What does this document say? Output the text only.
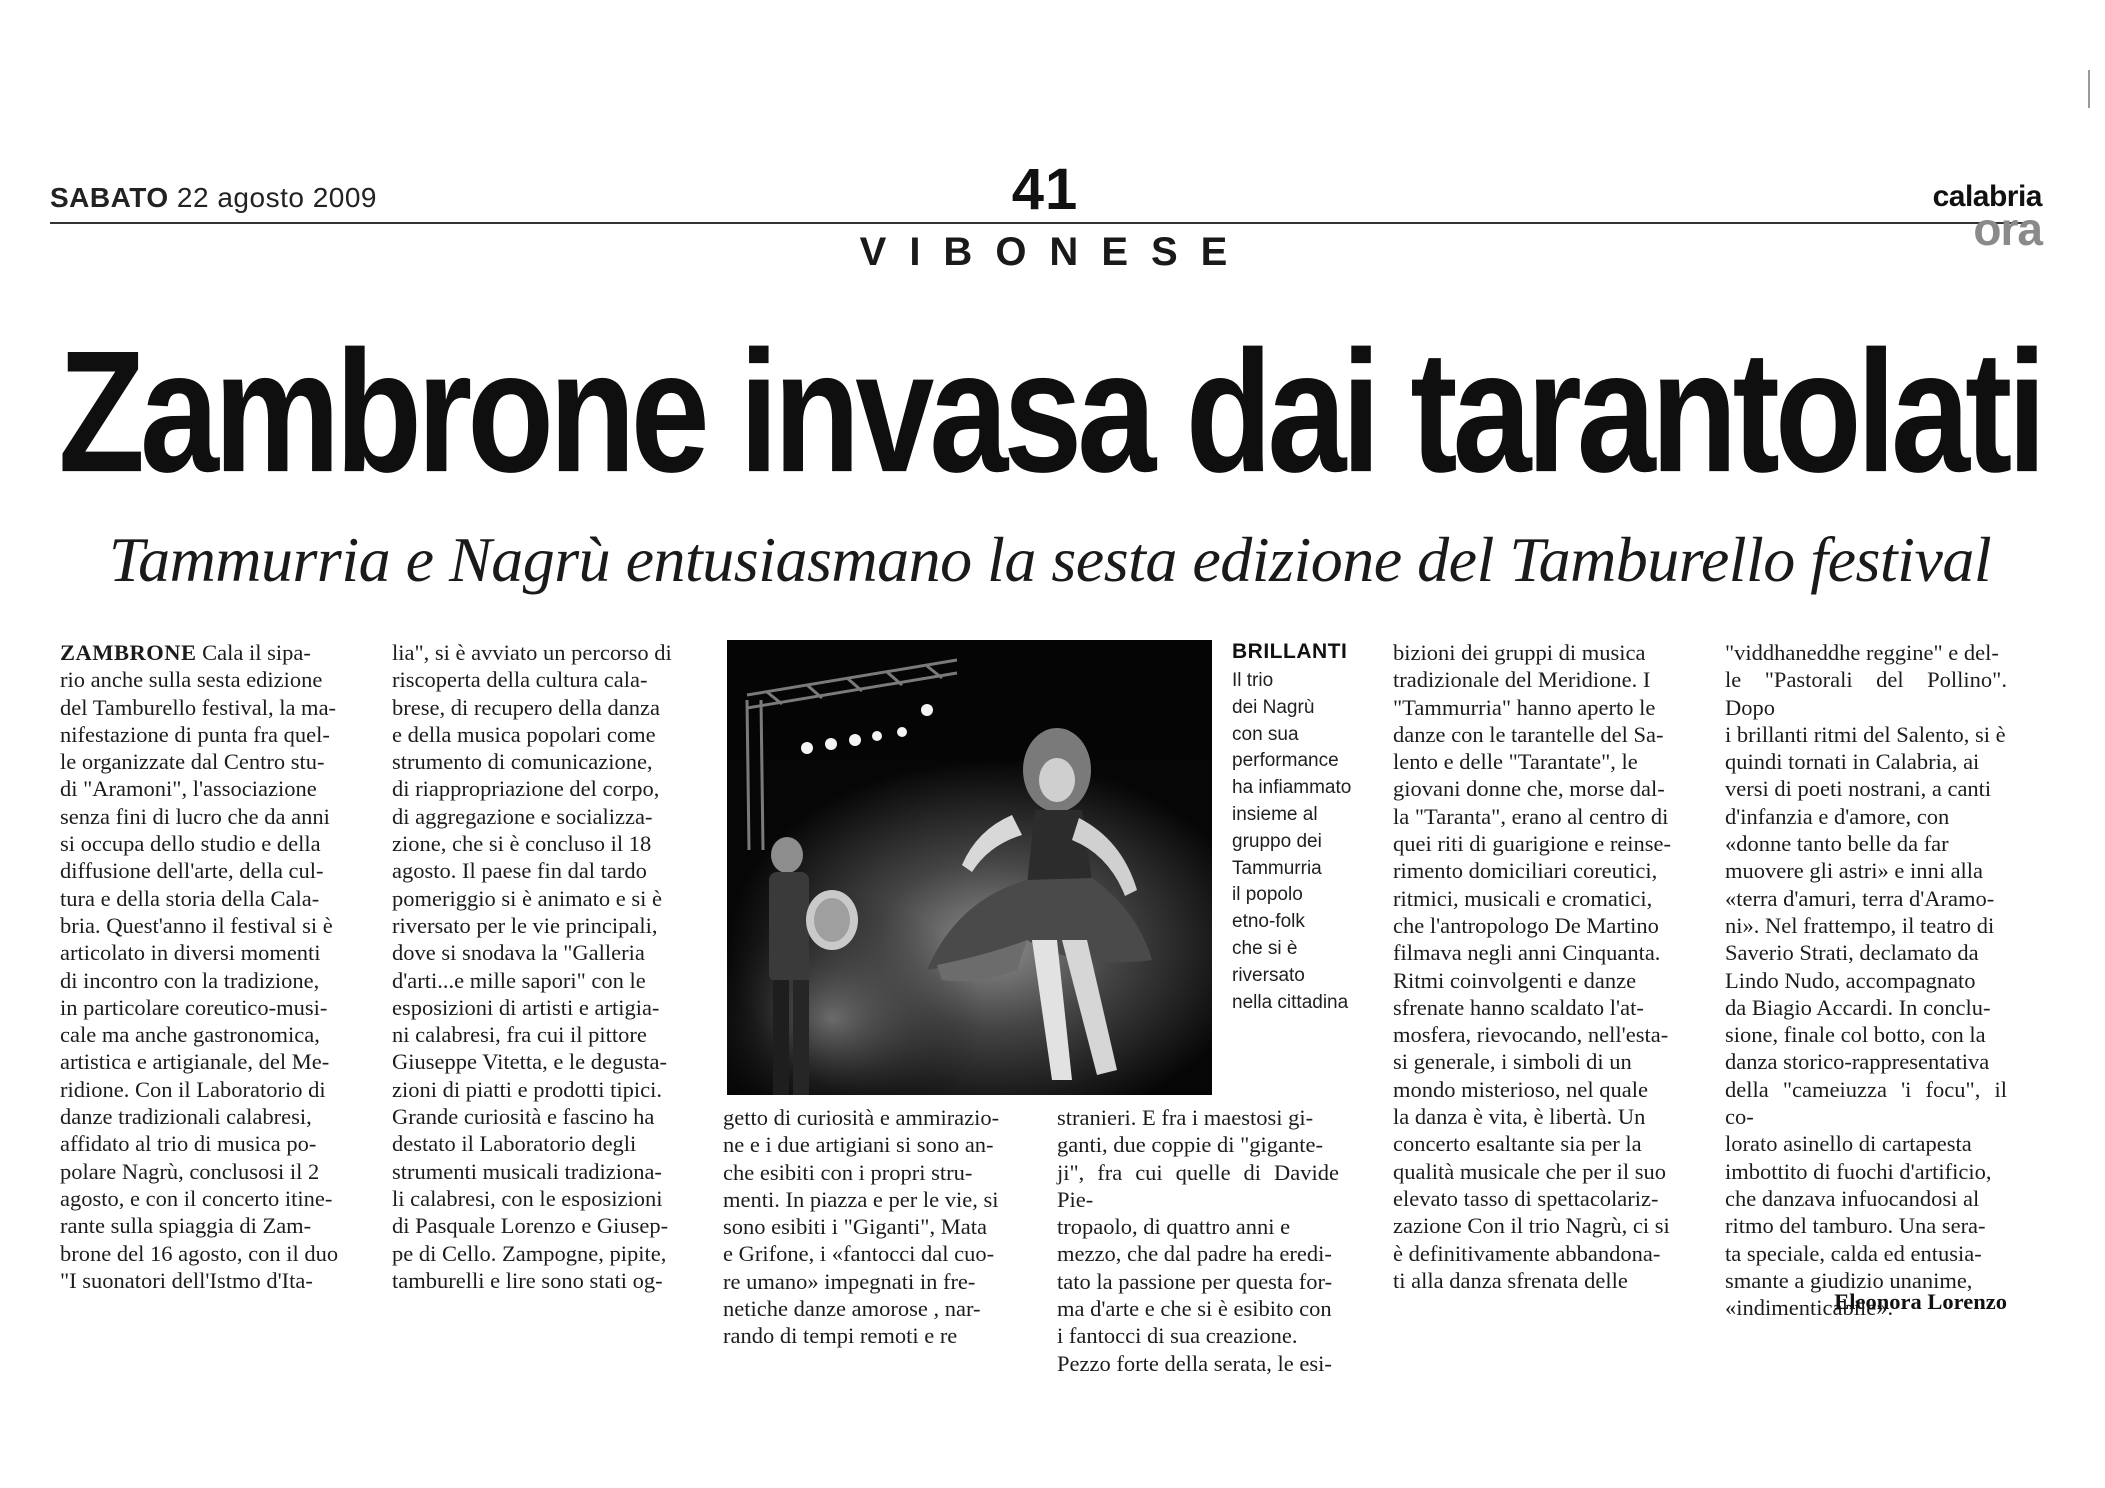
SABATO 22 agosto 2009	41
VIBONESE
calabria
ora
Zambrone invasa dai tarantolati
Tammurria e Nagrù entusiasmano la sesta edizione del Tamburello festival
ZAMBRONE Cala il sipa-
rio anche sulla sesta edizione
del Tamburello festival, la ma-
nifestazione di punta fra quel-
le organizzate dal Centro stu-
di "Aramoni", l'associazione
senza fini di lucro che da anni
si occupa dello studio e della
diffusione dell'arte, della cul-
tura e della storia della Cala-
bria. Quest'anno il festival si è
articolato in diversi momenti
di incontro con la tradizione,
in particolare coreutico-musi-
cale ma anche gastronomica,
artistica e artigianale, del Me-
ridione. Con il Laboratorio di
danze tradizionali calabresi,
affidato al trio di musica po-
polare Nagrù, conclusosi il 2
agosto, e con il concerto itine-
rante sulla spiaggia di Zam-
brone del 16 agosto, con il duo
"I suonatori dell'Istmo d'Ita-
lia", si è avviato un percorso di
riscoperta della cultura cala-
brese, di recupero della danza
e della musica popolari come
strumento di comunicazione,
di riappropriazione del corpo,
di aggregazione e socializza-
zione, che si è concluso il 18
agosto. Il paese fin dal tardo
pomeriggio si è animato e si è
riversato per le vie principali,
dove si snodava la "Galleria
d'arti...e mille sapori" con le
esposizioni di artisti e artigia-
ni calabresi, fra cui il pittore
Giuseppe Vitetta, e le degusta-
zioni di piatti e prodotti tipici.
Grande curiosità e fascino ha
destato il Laboratorio degli
strumenti musicali tradiziona-
li calabresi, con le esposizioni
di Pasquale Lorenzo e Giusep-
pe di Cello. Zampogne, pipite,
tamburelli e lire sono stati og-
getto di curiosità e ammirazio-
ne e i due artigiani si sono an-
che esibiti con i propri stru-
menti. In piazza e per le vie, si
sono esibiti i "Giganti", Mata
e Grifone, i «fantocci dal cuo-
re umano» impegnati in fre-
netiche danze amorose , nar-
rando di tempi remoti e re
stranieri. E fra i maestosi gi-
ganti, due coppie di "gigante-
ji", fra cui quelle di Davide Pie-
tropaolo, di quattro anni e
mezzo, che dal padre ha eredi-
tato la passione per questa for-
ma d'arte e che si è esibito con
i fantocci di sua creazione.
Pezzo forte della serata, le esi-
BRILLANTI
Il trio
dei Nagrù
con sua
performance
ha infiammato
insieme al
gruppo dei
Tammurria
il popolo
etno-folk
che si è
riversato
nella cittadina
bizioni dei gruppi di musica
tradizionale del Meridione. I
"Tammurria" hanno aperto le
danze con le tarantelle del Sa-
lento e delle "Tarantate", le
giovani donne che, morse dal-
la "Taranta", erano al centro di
quei riti di guarigione e reinse-
rimento domiciliari coreutici,
ritmici, musicali e cromatici,
che l'antropologo De Martino
filmava negli anni Cinquanta.
Ritmi coinvolgenti e danze
sfrenate hanno scaldato l'at-
mosfera, rievocando, nell'esta-
si generale, i simboli di un
mondo misterioso, nel quale
la danza è vita, è libertà. Un
concerto esaltante sia per la
qualità musicale che per il suo
elevato tasso di spettacolariz-
zazione Con il trio Nagrù, ci si
è definitivamente abbandona-
ti alla danza sfrenata delle
"viddhaneddhe reggine" e del-
le "Pastorali del Pollino". Dopo
i brillanti ritmi del Salento, si è
quindi tornati in Calabria, ai
versi di poeti nostrani, a canti
d'infanzia e d'amore, con
«donne tanto belle da far
muovere gli astri» e inni alla
«terra d'amuri, terra d'Aramo-
ni». Nel frattempo, il teatro di
Saverio Strati, declamato da
Lindo Nudo, accompagnato
da Biagio Accardi. In conclu-
sione, finale col botto, con la
danza storico-rappresentativa
della "cameiuzza 'i focu", il co-
lorato asinello di cartapesta
imbottito di fuochi d'artificio,
che danzava infuocandosi al
ritmo del tamburo. Una sera-
ta speciale, calda ed entusia-
smante a giudizio unanime,
«indimenticabile».
Eleonora Lorenzo
